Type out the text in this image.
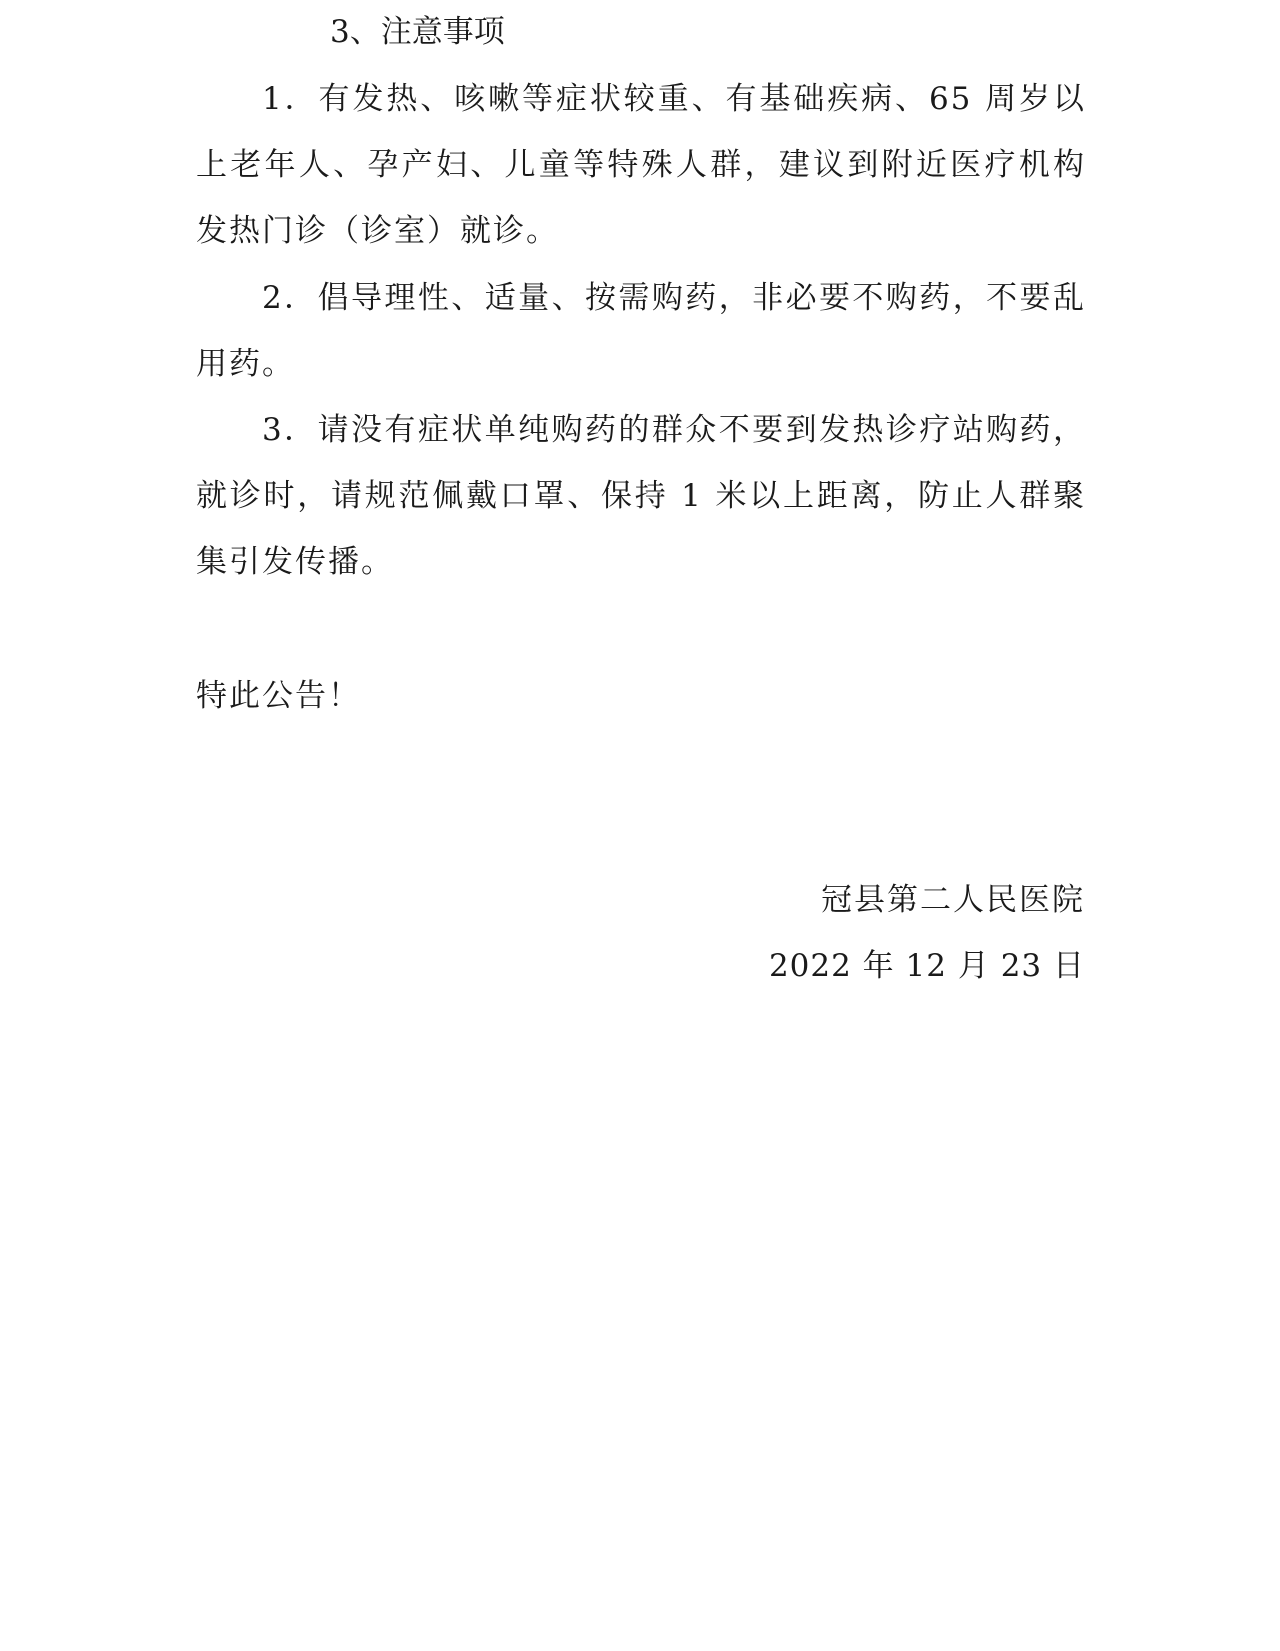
3、注意事项
1．有发热、咳嗽等症状较重、有基础疾病、65 周岁以上老年人、孕产妇、儿童等特殊人群，建议到附近医疗机构发热门诊（诊室）就诊。
2．倡导理性、适量、按需购药，非必要不购药，不要乱用药。
3．请没有症状单纯购药的群众不要到发热诊疗站购药，就诊时，请规范佩戴口罩、保持 1 米以上距离，防止人群聚集引发传播。
特此公告！
冠县第二人民医院
2022 年 12 月 23 日
